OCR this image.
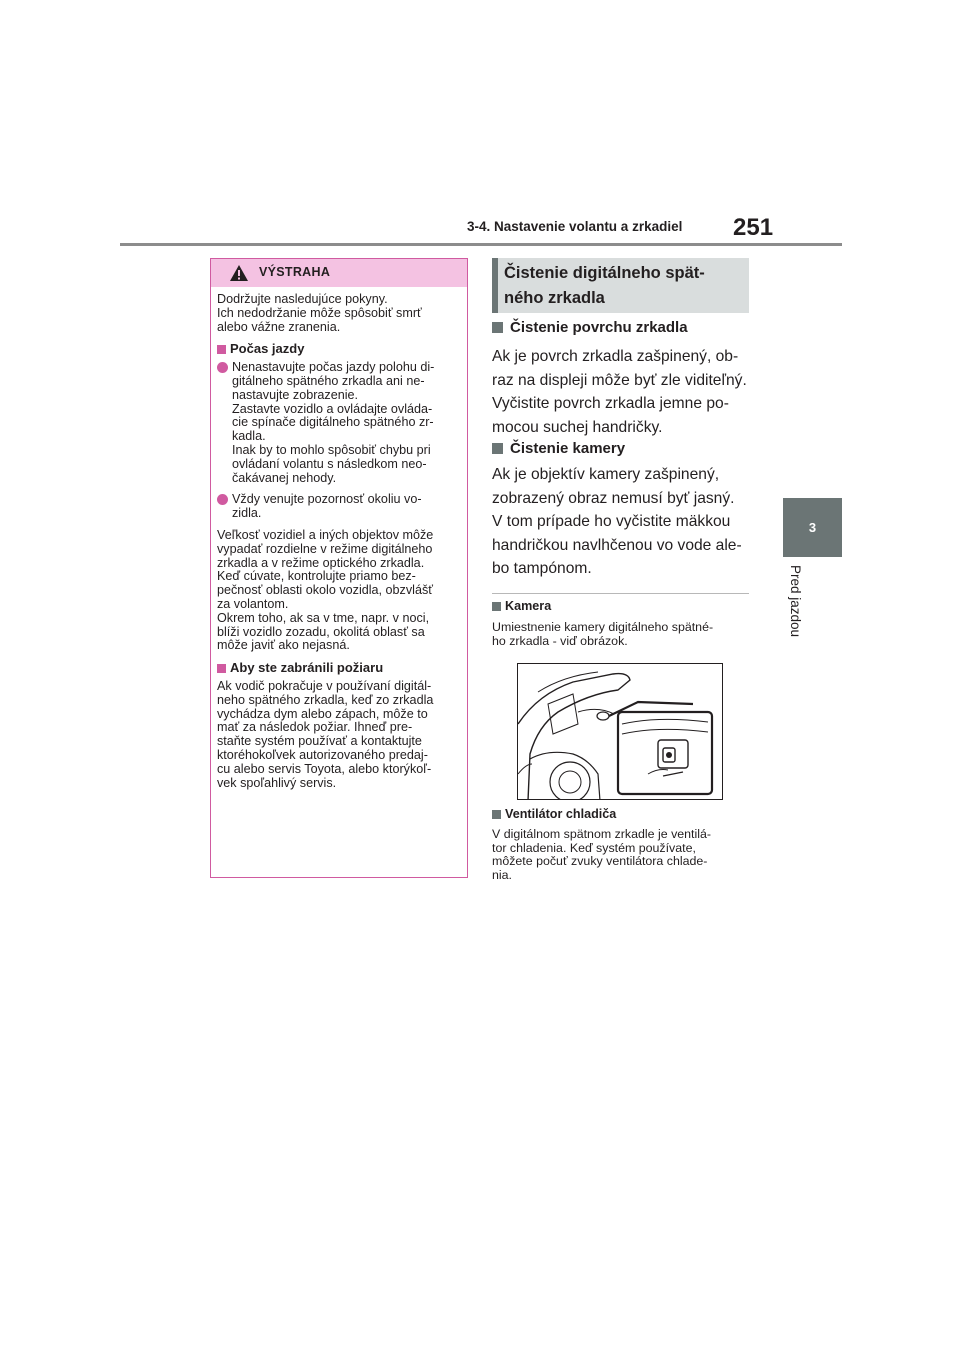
3-4. Nastavenie volantu a zrkadiel 251
3
Pred jazdou
VÝSTRAHA

Dodržujte nasledujúce pokyny.
Ich nedodržanie môže spôsobiť smrť
alebo vážne zranenia.

Počas jazdy
Nenastavujte počas jazdy polohu di-
gitálneho spätného zrkadla ani ne-
nastavujte zobrazenie.
Zastavte vozidlo a ovládajte ovláda-
cie spínače digitálneho spätného zr-
kadla.
Inak by to mohlo spôsobiť chybu pri
ovládaní volantu s následkom neo-
čakávanej nehody.
Vždy venujte pozornosť okoliu vo-
zidla.

Veľkosť vozidiel a iných objektov môže
vypadať rozdielne v režime digitálneho
zrkadla a v režime optického zrkadla.
Keď cúvate, kontrolujte priamo bez-
pečnosť oblasti okolo vozidla, obzvlášť
za volantom.
Okrem toho, ak sa v tme, napr. v noci,
blíži vozidlo zozadu, okolitá oblasť sa
môže javiť ako nejasná.

Aby ste zabránili požiaru

Ak vodič pokračuje v používaní digitál-
neho spätného zrkadla, keď zo zrkadla
vychádza dym alebo zápach, môže to
mať za následok požiar. Ihneď pre-
staňte systém používať a kontaktujte
ktoréhokoľvek autorizovaného predaj-
cu alebo servis Toyota, alebo ktorýkoľ-
vek spoľahlivý servis.

Čistenie digitálneho spät-
ného zrkadla
Čistenie povrchu zrkadla
Ak je povrch zrkadla zašpinený, ob-
raz na displeji môže byť zle viditeľný.
Vyčistite povrch zrkadla jemne po-
mocou suchej handričky.
Čistenie kamery
Ak je objektív kamery zašpinený,
zobrazený obraz nemusí byť jasný.
V tom prípade ho vyčistite mäkkou
handričkou navlhčenou vo vode ale-
bo tampónom.
Kamera
Umiestnenie kamery digitálneho spätné-
ho zrkadla - viď obrázok.
Ventilátor chladiča
V digitálnom spätnom zrkadle je ventilá-
tor chladenia. Keď systém používate,
môžete počuť zvuky ventilátora chlade-
nia.
